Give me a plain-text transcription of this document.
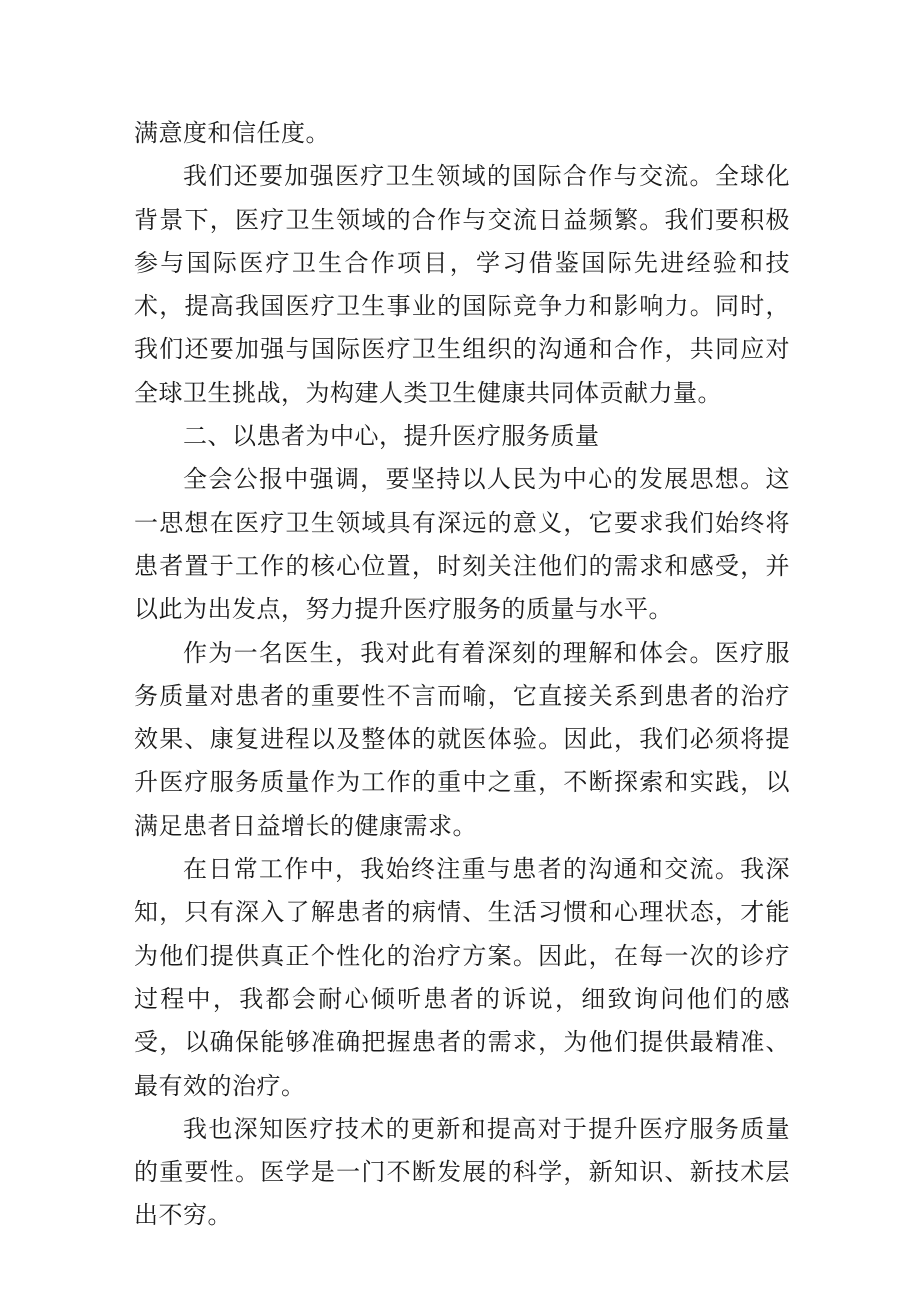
满意度和信任度。

我们还要加强医疗卫生领域的国际合作与交流。全球化背景下，医疗卫生领域的合作与交流日益频繁。我们要积极参与国际医疗卫生合作项目，学习借鉴国际先进经验和技术，提高我国医疗卫生事业的国际竞争力和影响力。同时，我们还要加强与国际医疗卫生组织的沟通和合作，共同应对全球卫生挑战，为构建人类卫生健康共同体贡献力量。

二、以患者为中心，提升医疗服务质量

全会公报中强调，要坚持以人民为中心的发展思想。这一思想在医疗卫生领域具有深远的意义，它要求我们始终将患者置于工作的核心位置，时刻关注他们的需求和感受，并以此为出发点，努力提升医疗服务的质量与水平。

作为一名医生，我对此有着深刻的理解和体会。医疗服务质量对患者的重要性不言而喻，它直接关系到患者的治疗效果、康复进程以及整体的就医体验。因此，我们必须将提升医疗服务质量作为工作的重中之重，不断探索和实践，以满足患者日益增长的健康需求。

在日常工作中，我始终注重与患者的沟通和交流。我深知，只有深入了解患者的病情、生活习惯和心理状态，才能为他们提供真正个性化的治疗方案。因此，在每一次的诊疗过程中，我都会耐心倾听患者的诉说，细致询问他们的感受，以确保能够准确把握患者的需求，为他们提供最精准、最有效的治疗。

我也深知医疗技术的更新和提高对于提升医疗服务质量的重要性。医学是一门不断发展的科学，新知识、新技术层出不穷。
